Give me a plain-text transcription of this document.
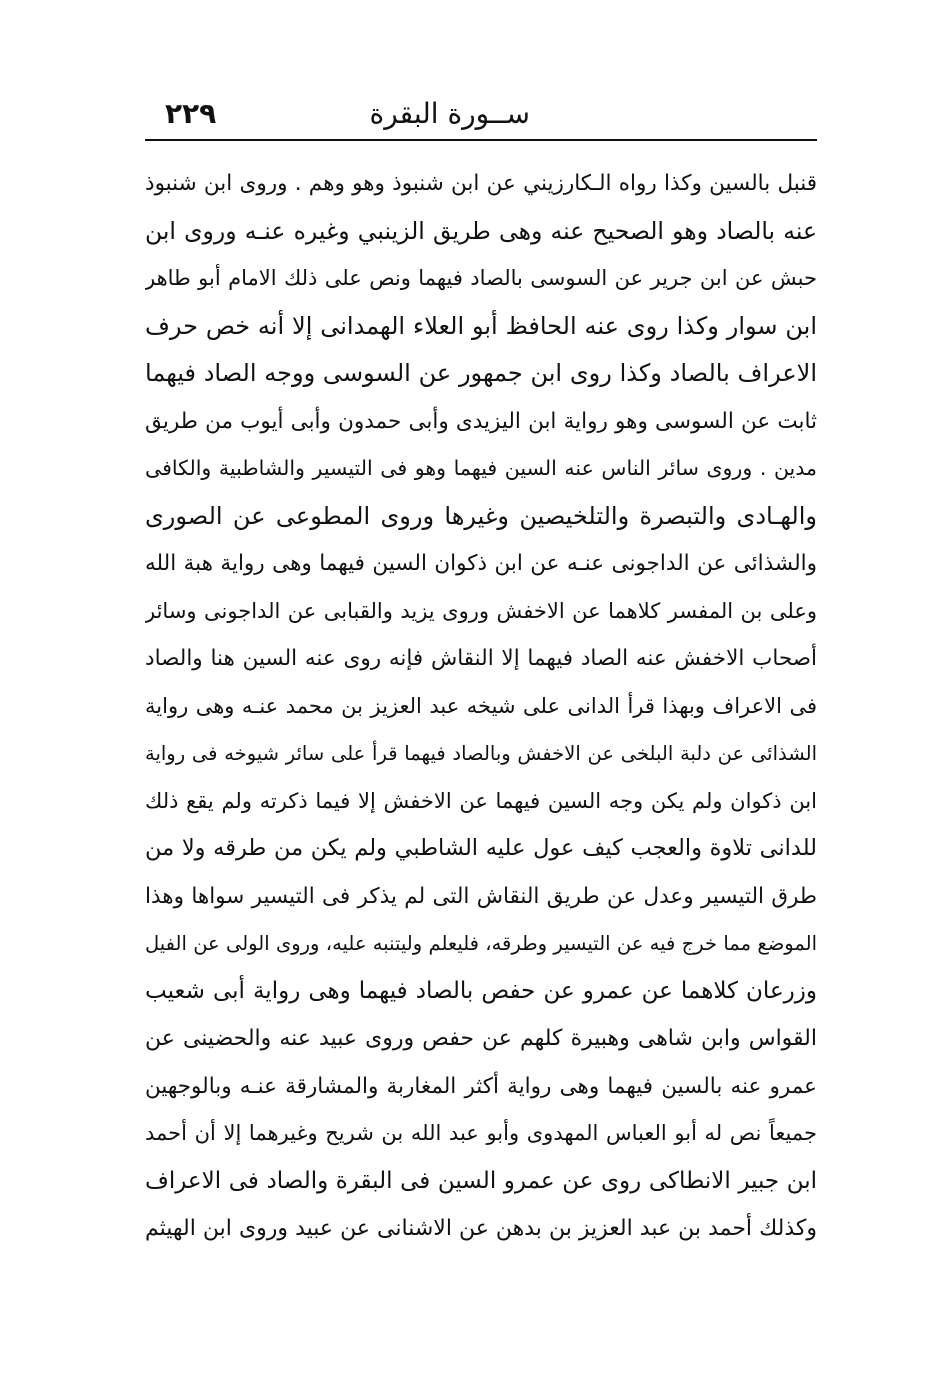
٢٢٩	ســورة البقرة
قنبل بالسين وكذا رواه الـكارزيني عن ابن شنبوذ وهو وهم . وروى ابن شنبوذ
عنه بالصاد وهو الصحيح عنه وهى طريق الزينبي وغيره عنـه وروى ابن
حبش عن ابن جرير عن السوسى بالصاد فيهما ونص على ذلك الامام أبو طاهر
ابن سوار وكذا روى عنه الحافظ أبو العلاء الهمدانى إلا أنه خص حرف
الاعراف بالصاد وكذا روى ابن جمهور عن السوسى ووجه الصاد فيهما
ثابت عن السوسى وهو رواية ابن اليزيدى وأبى حمدون وأبى أيوب من طريق
مدين . وروى سائر الناس عنه السين فيهما وهو فى التيسير والشاطبية والكافى
والهـادى والتبصرة والتلخيصين وغيرها وروى المطوعى عن الصورى
والشذائى عن الداجونى عنـه عن ابن ذكوان السين فيهما وهى رواية هبة الله
وعلى بن المفسر كلاهما عن الاخفش وروى يزيد والقبابى عن الداجونى وسائر
أصحاب الاخفش عنه الصاد فيهما إلا النقاش فإنه روى عنه السين هنا والصاد
فى الاعراف وبهذا قرأ الدانى على شيخه عبد العزيز بن محمد عنـه وهى رواية
الشذائى عن دلبة البلخى عن الاخفش وبالصاد فيهما قرأ على سائر شيوخه فى رواية
ابن ذكوان ولم يكن وجه السين فيهما عن الاخفش إلا فيما ذكرته ولم يقع ذلك
للدانى تلاوة والعجب كيف عول عليه الشاطبي ولم يكن من طرقه ولا من
طرق التيسير وعدل عن طريق النقاش التى لم يذكر فى التيسير سواها وهذا
الموضع مما خرج فيه عن التيسير وطرقه، فليعلم وليتنبه عليه، وروى الولى عن الفيل
وزرعان كلاهما عن عمرو عن حفص بالصاد فيهما وهى رواية أبى شعيب
القواس وابن شاهى وهبيرة كلهم عن حفص وروى عبيد عنه والحضينى عن
عمرو عنه بالسين فيهما وهى رواية أكثر المغاربة والمشارقة عنـه وبالوجهين
جميعاً نص له أبو العباس المهدوى وأبو عبد الله بن شريح وغيرهما إلا أن أحمد
ابن جبير الانطاكى روى عن عمرو السين فى البقرة والصاد فى الاعراف
وكذلك أحمد بن عبد العزيز بن بدهن عن الاشنانى عن عبيد وروى ابن الهيثم
